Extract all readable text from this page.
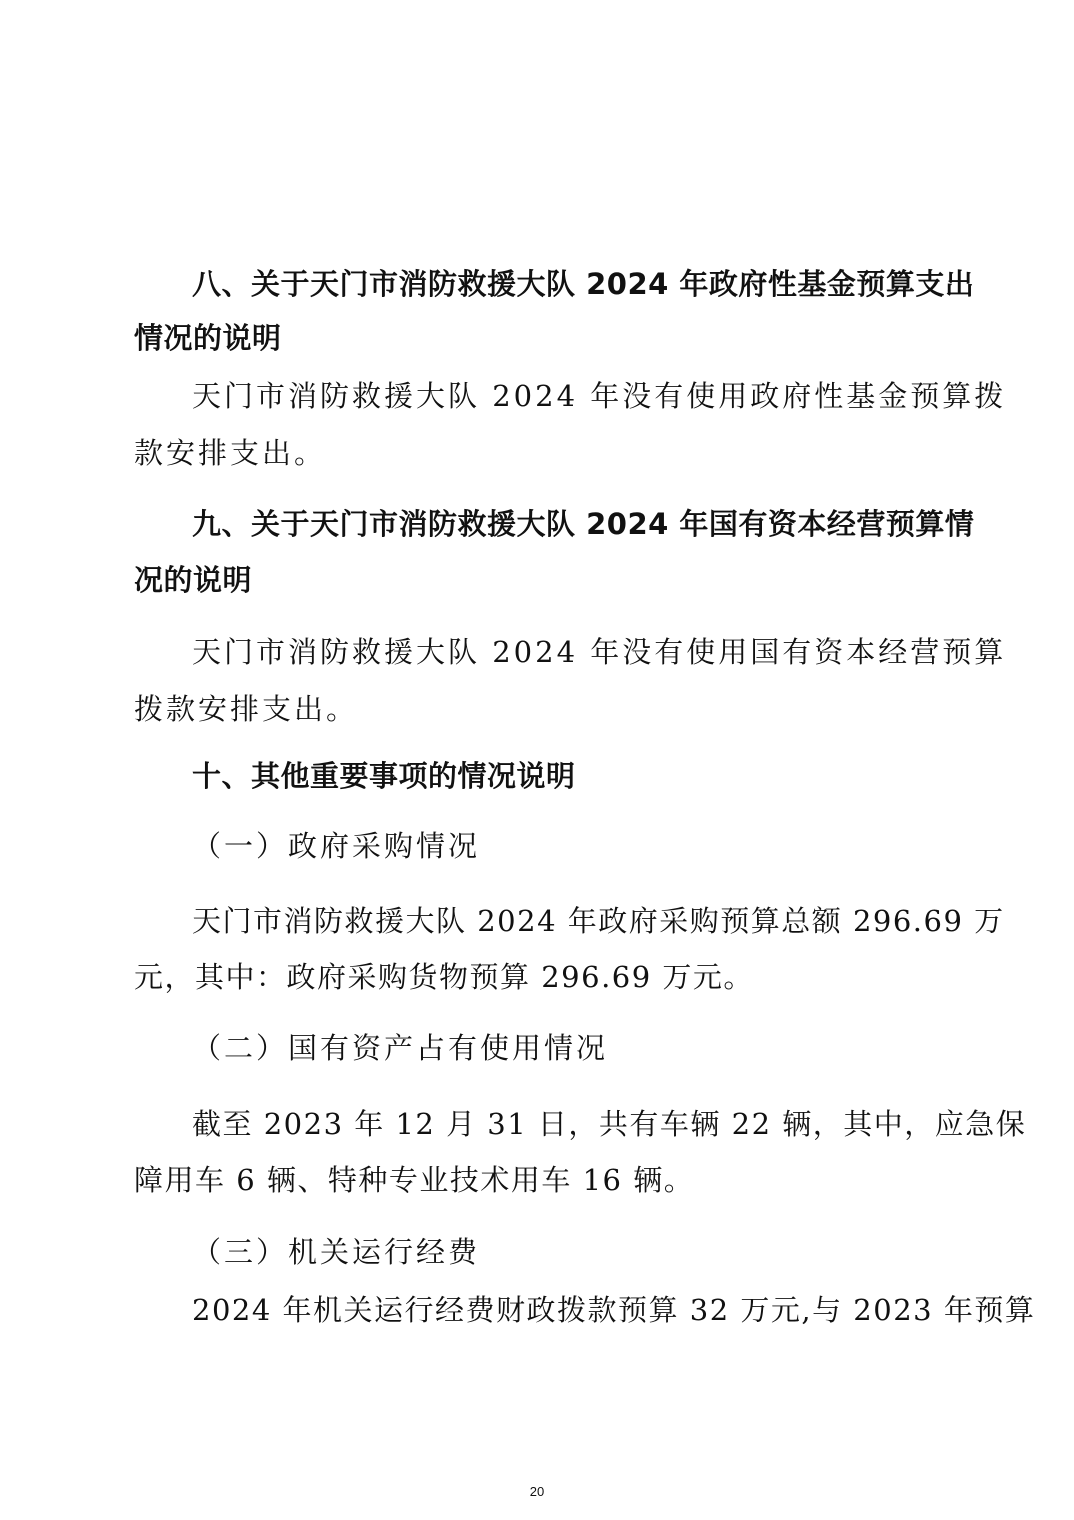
八、关于天门市消防救援大队 2024 年政府性基金预算支出
情况的说明
天门市消防救援大队 2024 年没有使用政府性基金预算拨
款安排支出。
九、关于天门市消防救援大队 2024 年国有资本经营预算情
况的说明
天门市消防救援大队 2024 年没有使用国有资本经营预算
拨款安排支出。
十、其他重要事项的情况说明
（一）政府采购情况
天门市消防救援大队 2024 年政府采购预算总额 296.69 万
元，其中：政府采购货物预算 296.69 万元。
（二）国有资产占有使用情况
截至 2023 年 12 月 31 日，共有车辆 22 辆，其中，应急保
障用车 6 辆、特种专业技术用车 16 辆。
（三）机关运行经费
2024 年机关运行经费财政拨款预算 32 万元,与 2023 年预算
20
